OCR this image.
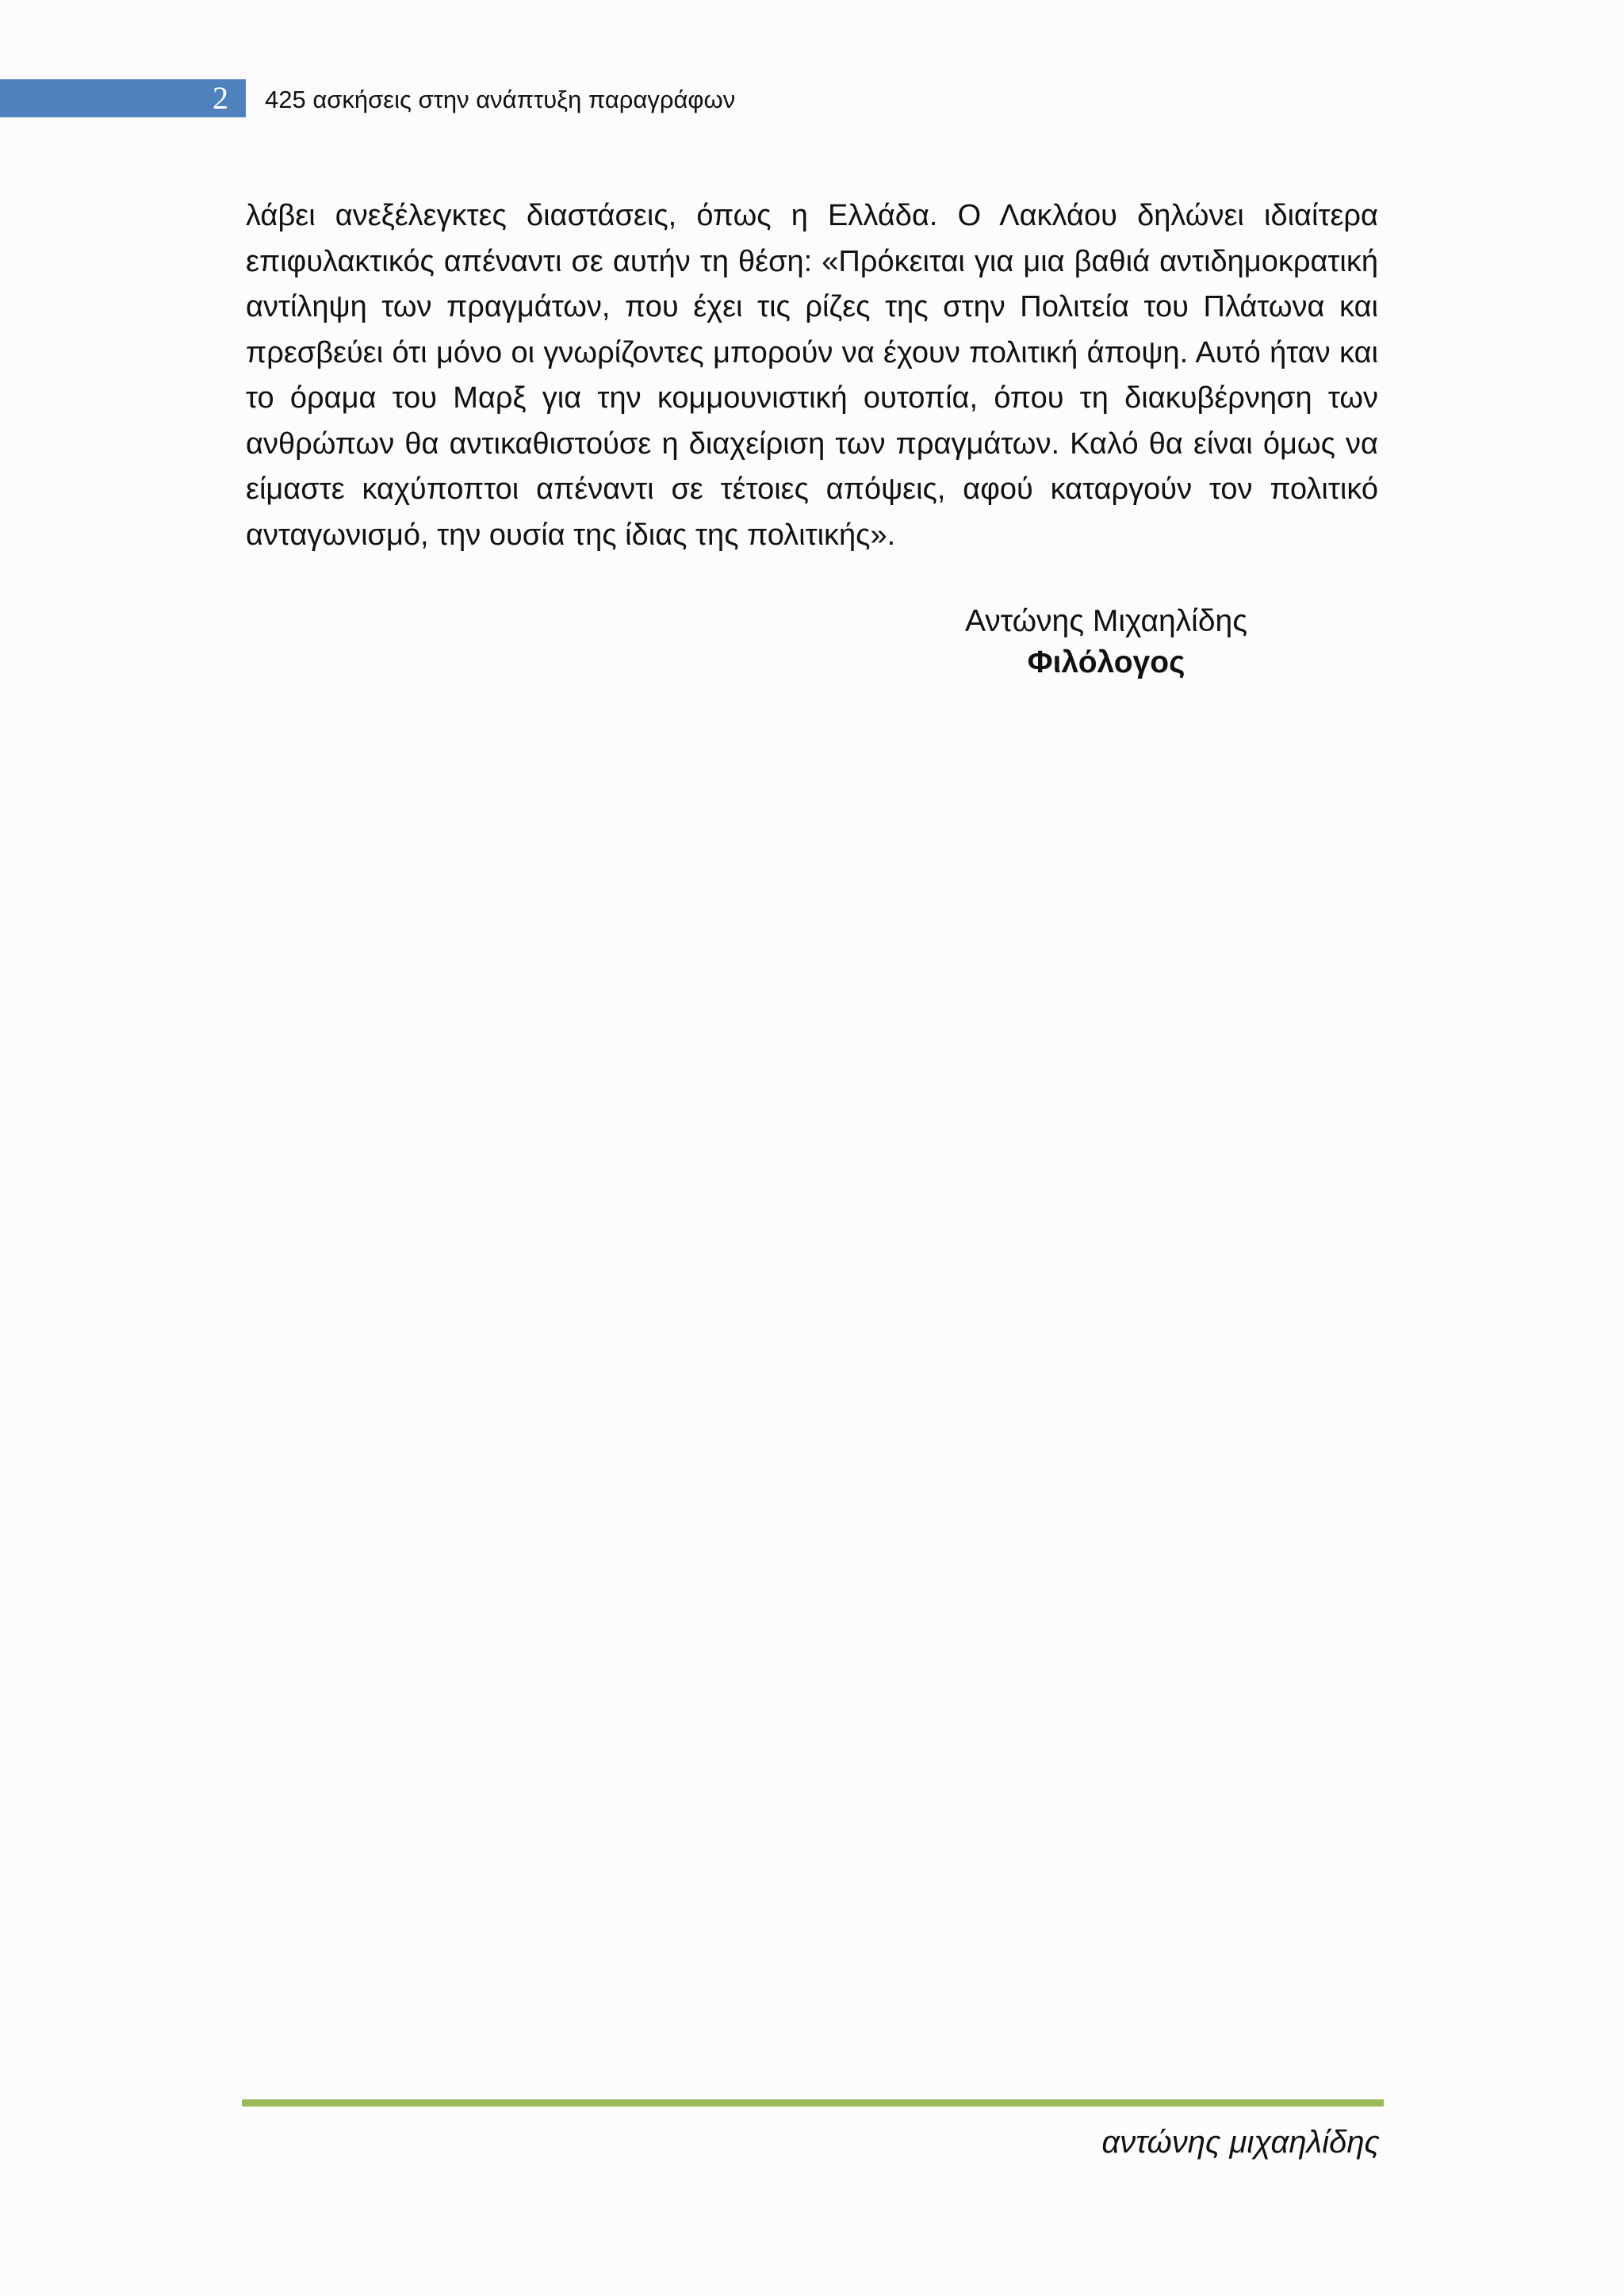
2 425 ασκήσεις στην ανάπτυξη παραγράφων

λάβει ανεξέλεγκτες διαστάσεις, όπως η Ελλάδα. Ο Λακλάου δηλώνει ιδιαίτερα επιφυλακτικός απέναντι σε αυτήν τη θέση: «Πρόκειται για μια βαθιά αντιδημοκρατική αντίληψη των πραγμάτων, που έχει τις ρίζες της στην Πολιτεία του Πλάτωνα και πρεσβεύει ότι μόνο οι γνωρίζοντες μπορούν να έχουν πολιτική άποψη. Αυτό ήταν και το όραμα του Μαρξ για την κομμουνιστική ουτοπία, όπου τη διακυβέρνηση των ανθρώπων θα αντικαθιστούσε η διαχείριση των πραγμάτων. Καλό θα είναι όμως να είμαστε καχύποπτοι απέναντι σε τέτοιες απόψεις, αφού καταργούν τον πολιτικό ανταγωνισμό, την ουσία της ίδιας της πολιτικής».

Αντώνης Μιχαηλίδης
Φιλόλογος
αντώνης μιχαηλίδης
